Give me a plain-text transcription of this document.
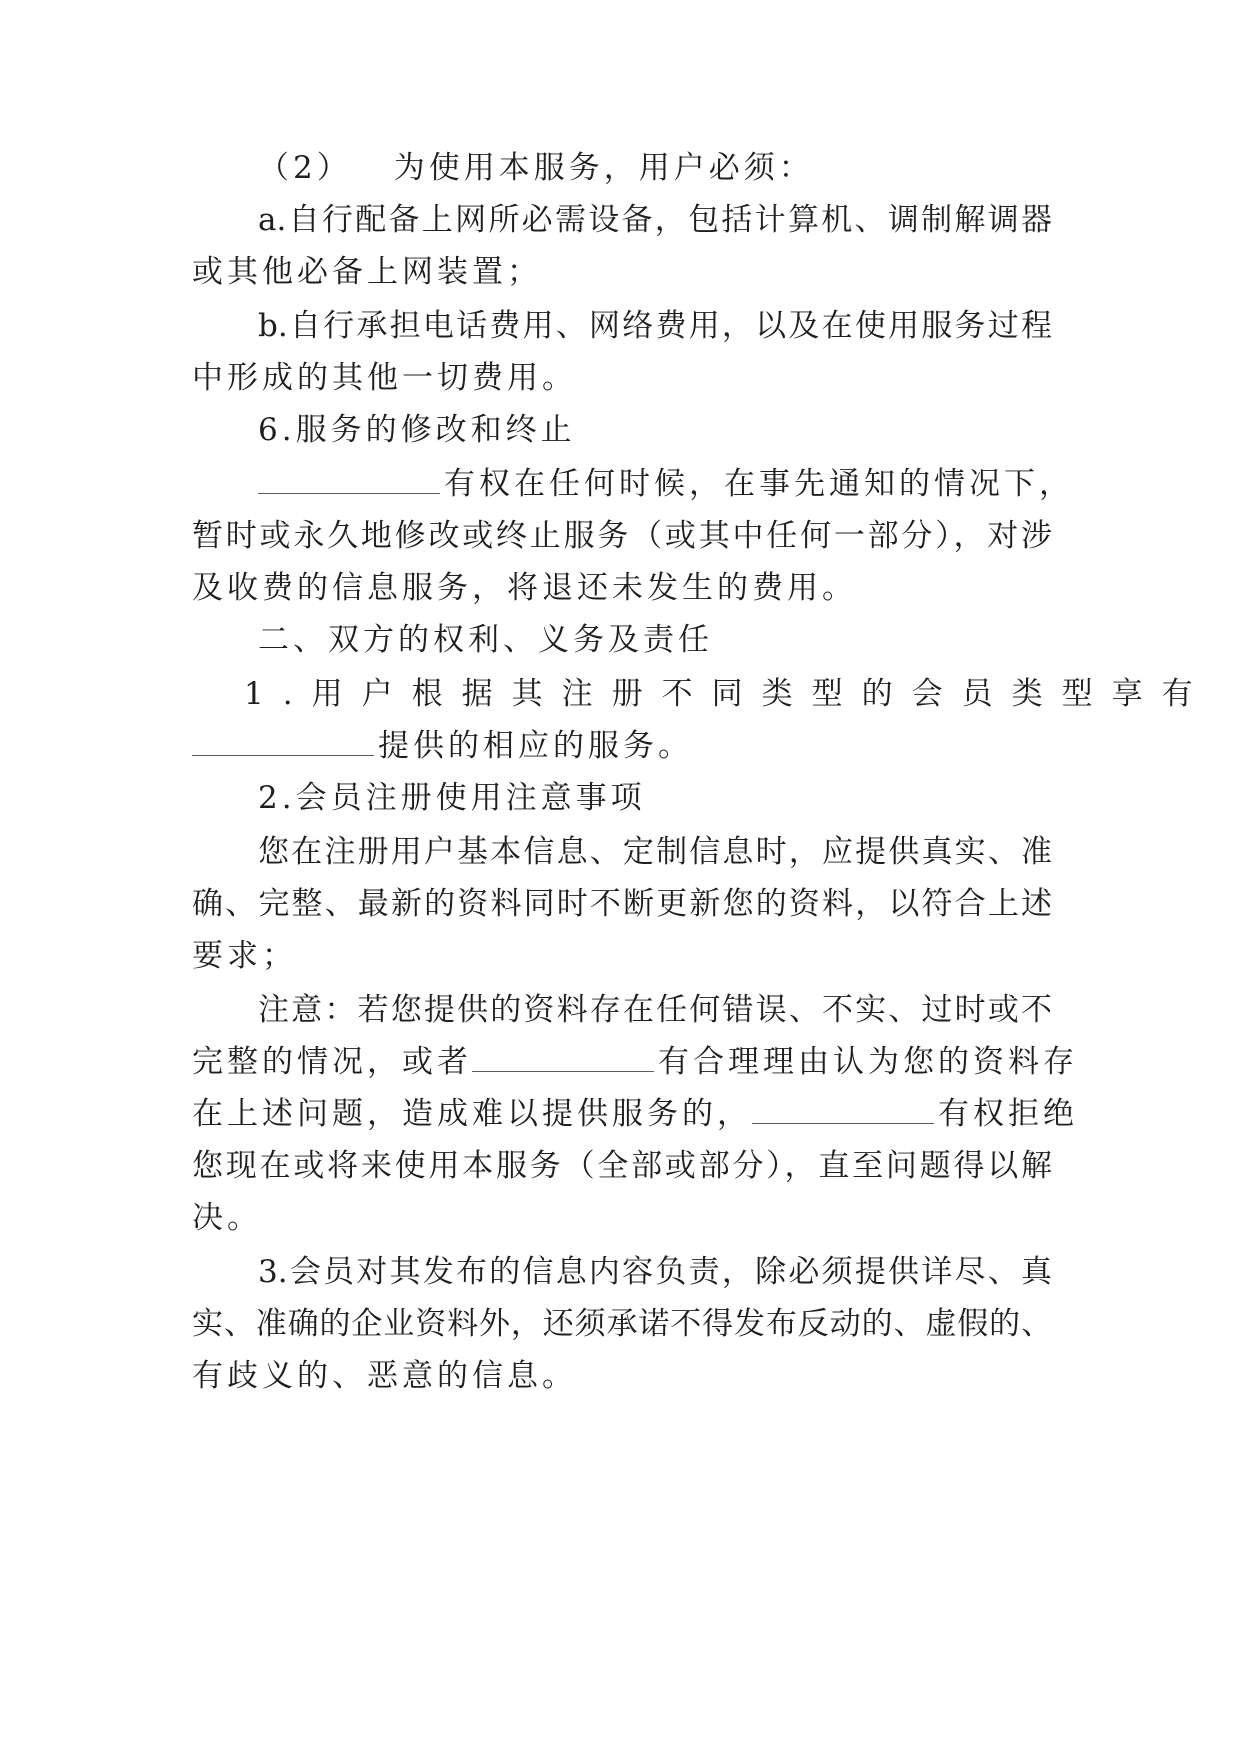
（2） 为使用本服务，用户必须：
a.自行配备上网所必需设备，包括计算机、调制解调器
或其他必备上网装置；
b.自行承担电话费用、网络费用，以及在使用服务过程
中形成的其他一切费用。
6.服务的修改和终止
有权在任何时候，在事先通知的情况下，
暂时或永久地修改或终止服务（或其中任何一部分），对涉
及收费的信息服务，将退还未发生的费用。
二、双方的权利、义务及责任
1.用户根据其注册不同类型的会员类型享有
提供的相应的服务。
2.会员注册使用注意事项
您在注册用户基本信息、定制信息时，应提供真实、准
确、完整、最新的资料同时不断更新您的资料，以符合上述
要求；
注意：若您提供的资料存在任何错误、不实、过时或不
完整的情况，或者	有合理理由认为您的资料存
在上述问题，造成难以提供服务的，	有权拒绝
您现在或将来使用本服务（全部或部分），直至问题得以解
决。
3.会员对其发布的信息内容负责，除必须提供详尽、真
实、准确的企业资料外，还须承诺不得发布反动的、虚假的、
有歧义的、恶意的信息。
